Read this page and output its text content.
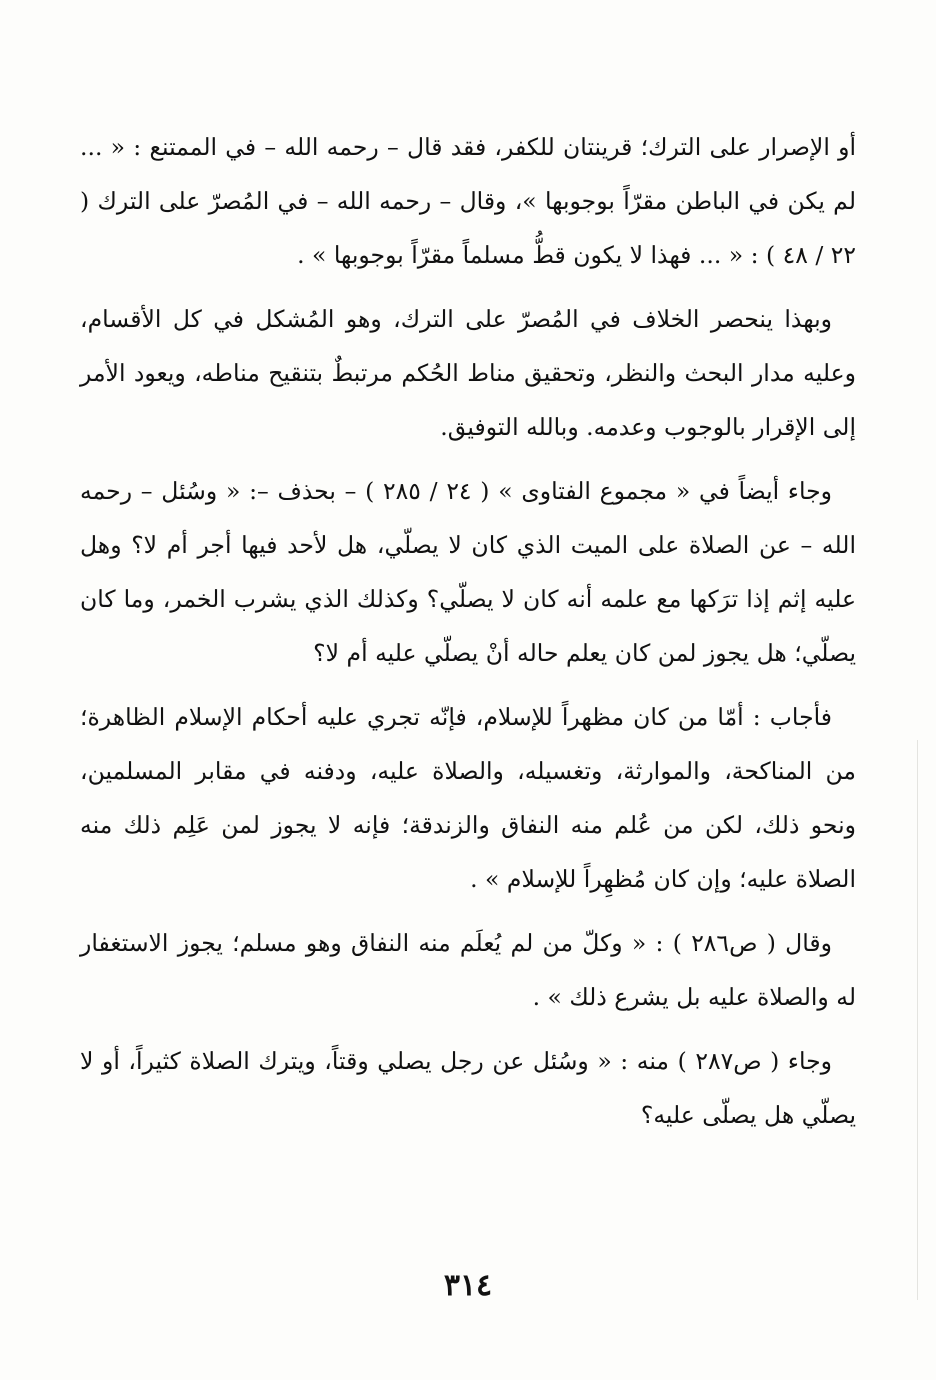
أو الإصرار على الترك؛ قرينتان للكفر، فقد قال – رحمه الله – في الممتنع : « ... لم يكن في الباطن مقرّاً بوجوبها »، وقال – رحمه الله – في المُصرّ على الترك ( ٢٢ / ٤٨ ) : « ... فهذا لا يكون قطُّ مسلماً مقرّاً بوجوبها » .

وبهذا ينحصر الخلاف في المُصرّ على الترك، وهو المُشكل في كل الأقسام، وعليه مدار البحث والنظر، وتحقيق مناط الحُكم مرتبطٌ بتنقيح مناطه، ويعود الأمر إلى الإقرار بالوجوب وعدمه. وبالله التوفيق.

وجاء أيضاً في « مجموع الفتاوى » ( ٢٤ / ٢٨٥ ) – بحذف –: « وسُئل – رحمه الله – عن الصلاة على الميت الذي كان لا يصلّي، هل لأحد فيها أجر أم لا؟ وهل عليه إثم إذا ترَكها مع علمه أنه كان لا يصلّي؟ وكذلك الذي يشرب الخمر، وما كان يصلّي؛ هل يجوز لمن كان يعلم حاله أنْ يصلّي عليه أم لا؟

فأجاب : أمّا من كان مظهراً للإسلام، فإنّه تجري عليه أحكام الإسلام الظاهرة؛ من المناكحة، والموارثة، وتغسيله، والصلاة عليه، ودفنه في مقابر المسلمين، ونحو ذلك، لكن من عُلم منه النفاق والزندقة؛ فإنه لا يجوز لمن عَلِم ذلك منه الصلاة عليه؛ وإن كان مُظهِراً للإسلام » .

وقال ( ص٢٨٦ ) : « وكلّ من لم يُعلَم منه النفاق وهو مسلم؛ يجوز الاستغفار له والصلاة عليه بل يشرع ذلك » .

وجاء ( ص٢٨٧ ) منه : « وسُئل عن رجل يصلي وقتاً، ويترك الصلاة كثيراً، أو لا يصلّي هل يصلّى عليه؟

٣١٤
